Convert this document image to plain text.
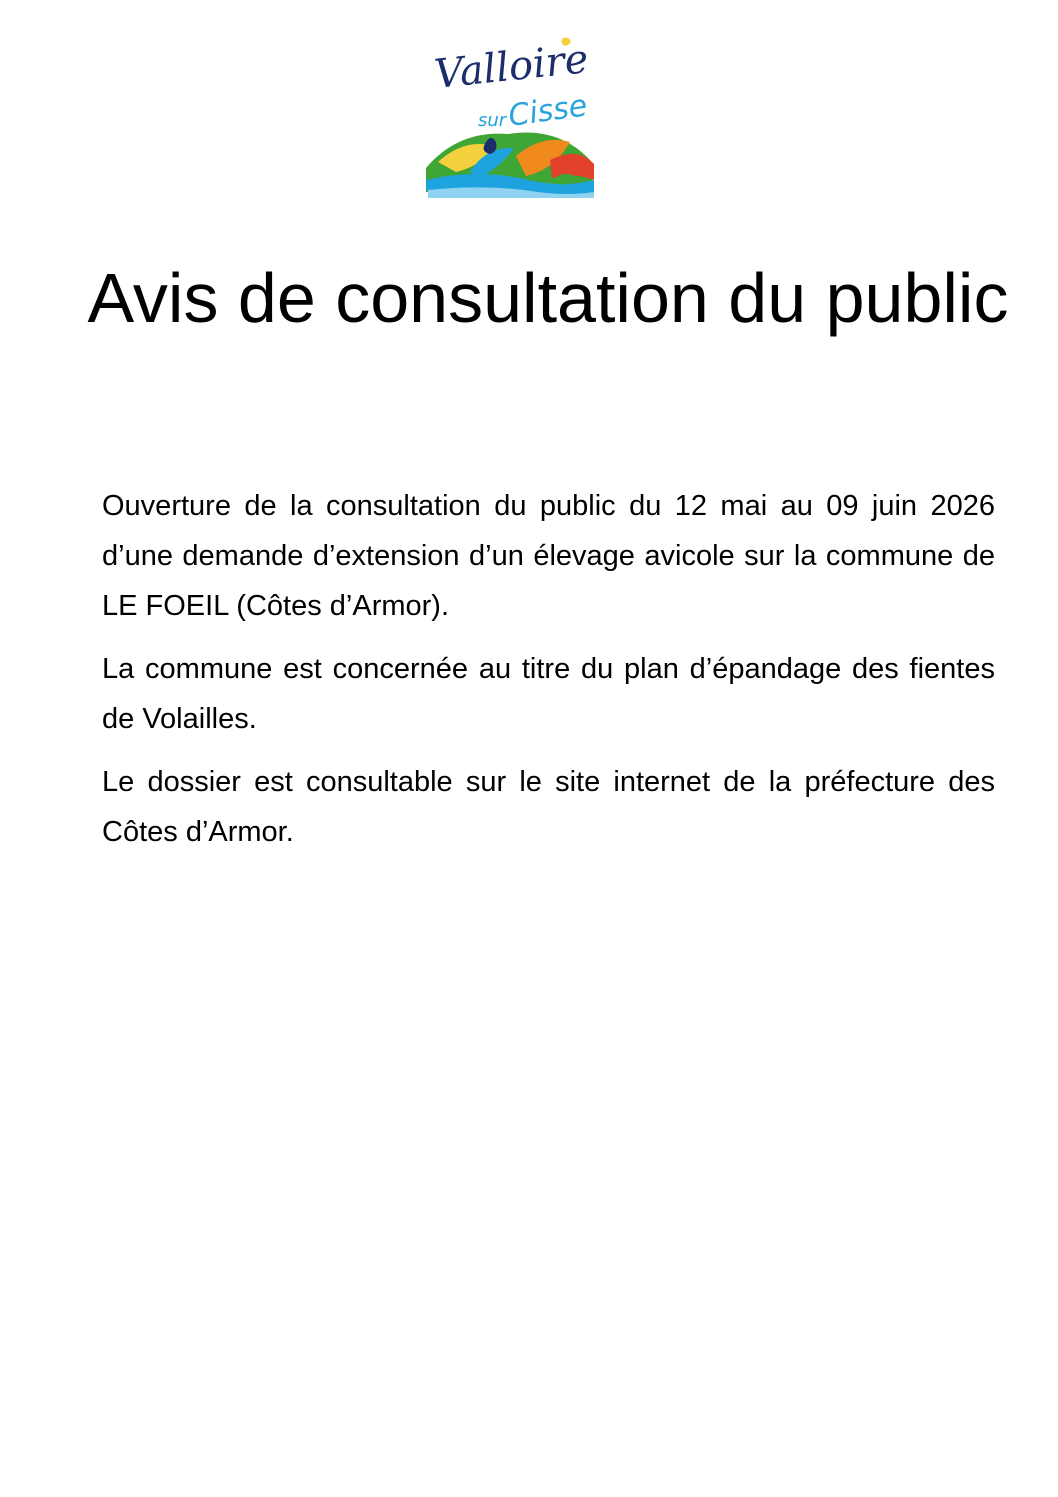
Valloire
sur Cisse
Avis de consultation du public

Ouverture de la consultation du public du 12 mai au 09 juin 2026 d’une demande d’extension d’un élevage avicole sur la commune de LE FOEIL (Côtes d’Armor).

La commune est concernée au titre du plan d’épandage des fientes de Volailles.

Le dossier est consultable sur le site internet de la préfecture des Côtes d’Armor.
